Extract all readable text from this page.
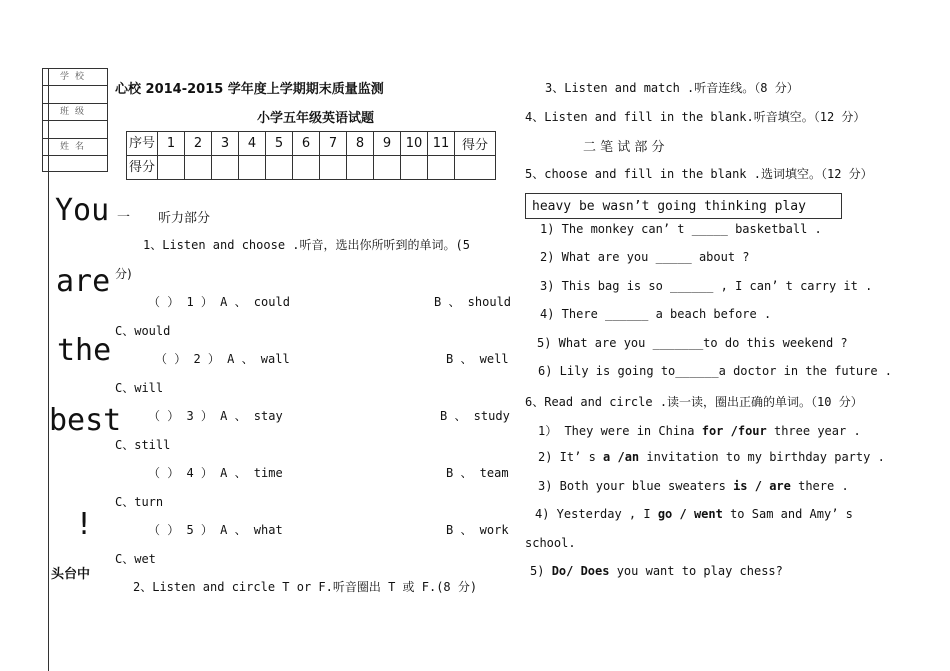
学校
班级
姓名
You
are
the
best
!
头台中
心校 2014-2015 学年度上学期期末质量监测
小学五年级英语试题
序号	1	2	3	4	5	6	7	8	9	10	11	得分
得分												
一 听力部分
1、Listen and choose .听音，选出你所听到的单词。(5
分)
（ ） 1 ） A 、 could	B 、 should
C、would
（ ） 2 ） A 、 wall	B 、 well
C、will
（ ） 3 ） A 、 stay	B 、 study
C、still
（ ） 4 ） A 、 time	B 、 team
C、turn
（ ） 5 ） A 、 what	B 、 work
C、wet
2、Listen and circle T or F.听音圈出 T 或 F.(8 分)
3、Listen and match .听音连线。（8 分）
4、Listen and fill in the blank.听音填空。（12 分）
二 笔 试 部 分
5、choose and fill in the blank .选词填空。（12 分）
heavy be wasn’t going thinking play
1) The monkey can’ t _____ basketball .
2) What are you _____ about ?
3) This bag is so ______ , I can’ t carry it .
4) There ______ a beach before .
5) What are you _______to do this weekend ?
6) Lily is going to______a doctor in the future .
6、Read and circle .读一读，圈出正确的单词。（10 分）
1） They were in China for /four three year .
2) It’ s a /an invitation to my birthday party .
3) Both your blue sweaters is / are there .
4) Yesterday , I go / went to Sam and Amy’ s
school.
5) Do/ Does you want to play chess?
